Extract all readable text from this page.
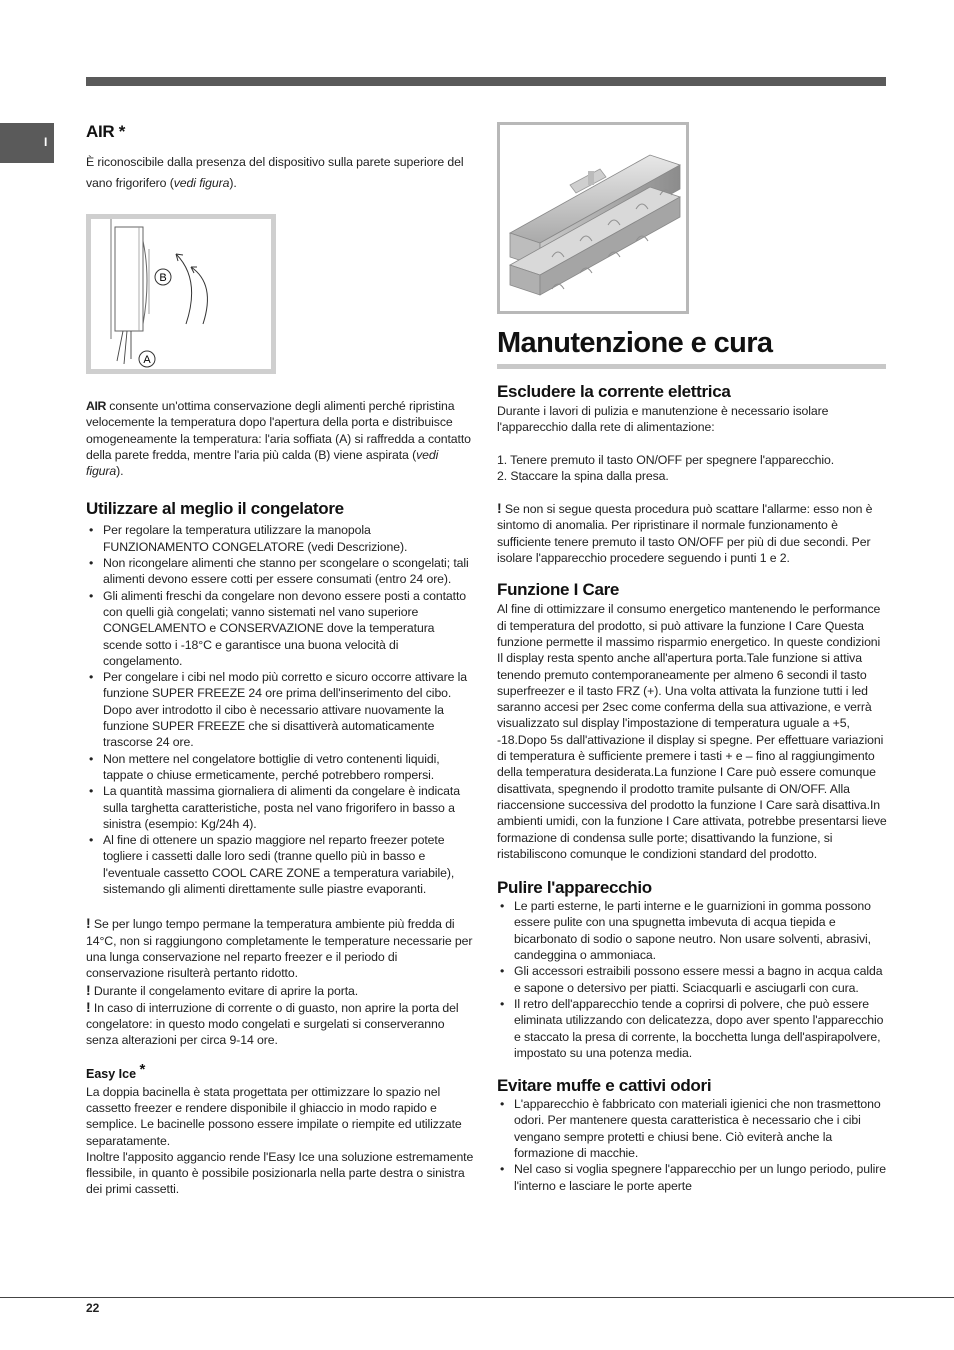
I
AIR *

È riconoscibile dalla presenza del dispositivo sulla parete superiore del vano frigorifero (vedi figura).

B
A

AIR consente un'ottima conservazione degli alimenti perché ripristina velocemente la temperatura dopo l'apertura della porta e distribuisce omogeneamente la temperatura: l'aria soffiata (A) si raffredda a contatto della parete fredda, mentre l'aria più calda (B) viene aspirata (vedi figura).

Utilizzare al meglio il congelatore
• Per regolare la temperatura utilizzare la manopola FUNZIONAMENTO CONGELATORE (vedi Descrizione).
• Non ricongelare alimenti che stanno per scongelare o scongelati; tali alimenti devono essere cotti per essere consumati (entro 24 ore).
• Gli alimenti freschi da congelare non devono essere posti a contatto con quelli già congelati; vanno sistemati nel vano superiore CONGELAMENTO e CONSERVAZIONE dove la temperatura scende sotto i -18°C e garantisce una buona velocità di congelamento.
• Per congelare i cibi nel modo più corretto e sicuro occorre attivare la funzione SUPER FREEZE 24 ore prima dell'inserimento del cibo. Dopo aver introdotto il cibo è necessario attivare nuovamente la funzione SUPER FREEZE che si disattiverà automaticamente trascorse 24 ore.
• Non mettere nel congelatore bottiglie di vetro contenenti liquidi, tappate o chiuse ermeticamente, perché potrebbero rompersi.
• La quantità massima giornaliera di alimenti da congelare è indicata sulla targhetta caratteristiche, posta nel vano frigorifero in basso a sinistra (esempio: Kg/24h 4).
• Al fine di ottenere un spazio maggiore nel reparto freezer potete togliere i cassetti dalle loro sedi (tranne quello più in basso e l'eventuale cassetto COOL CARE ZONE a temperatura variabile), sistemando gli alimenti direttamente sulle piastre evaporanti.

! Se per lungo tempo permane la temperatura ambiente più fredda di 14°C, non si raggiungono completamente le temperature necessarie per una lunga conservazione nel reparto freezer e il periodo di conservazione risulterà pertanto ridotto.

! Durante il congelamento evitare di aprire la porta.

! In caso di interruzione di corrente o di guasto, non aprire la porta del congelatore: in questo modo congelati e surgelati si conserveranno senza alterazioni per circa 9-14 ore.

Easy Ice *

La doppia bacinella è stata progettata per ottimizzare lo spazio nel cassetto freezer e rendere disponibile il ghiaccio in modo rapido e semplice. Le bacinelle possono essere impilate o riempite ed utilizzate separatamente.

Inoltre l'apposito aggancio rende l'Easy Ice una soluzione estremamente flessibile, in quanto è possibile posizionarla nella parte destra o sinistra dei primi cassetti.

Manutenzione e cura
Escludere la corrente elettrica

Durante i lavori di pulizia e manutenzione è necessario isolare l'apparecchio dalla rete di alimentazione:

1. Tenere premuto il tasto ON/OFF per spegnere l'apparecchio.
2. Staccare la spina dalla presa.

! Se non si segue questa procedura può scattare l'allarme: esso non è sintomo di anomalia. Per ripristinare il normale funzionamento è sufficiente tenere premuto il tasto ON/OFF per più di due secondi. Per isolare l'apparecchio procedere seguendo i punti 1 e 2.

Funzione I Care

Al fine di ottimizzare il consumo energetico mantenendo le performance di temperatura del prodotto, si può attivare la funzione I Care Questa funzione permette il massimo risparmio energetico. In queste condizioni Il display resta spento anche all'apertura porta.Tale funzione si attiva tenendo premuto contemporaneamente per almeno 6 secondi il tasto superfreezer e il tasto FRZ (+). Una volta attivata la funzione tutti i led saranno accesi per 2sec come conferma della sua attivazione, e verrà visualizzato sul display l'impostazione di temperatura uguale a +5, -18.Dopo 5s dall'attivazione il display si spegne. Per effettuare variazioni di temperatura è sufficiente premere i tasti + e – fino al raggiungimento della temperatura desiderata.La funzione I Care può essere comunque disattivata, spegnendo il prodotto tramite pulsante di ON/OFF. Alla riaccensione successiva del prodotto la funzione I Care sarà disattiva.In ambienti umidi, con la funzione I Care attivata, potrebbe presentarsi lieve formazione di condensa sulle porte; disattivando la funzione, si ristabiliscono comunque le condizioni standard del prodotto.

Pulire l'apparecchio
• Le parti esterne, le parti interne e le guarnizioni in gomma possono essere pulite con una spugnetta imbevuta di acqua tiepida e bicarbonato di sodio o sapone neutro. Non usare solventi, abrasivi, candeggina o ammoniaca.
• Gli accessori estraibili possono essere messi a bagno in acqua calda e sapone o detersivo per piatti. Sciacquarli e asciugarli con cura.
• Il retro dell'apparecchio tende a coprirsi di polvere, che può essere eliminata utilizzando con delicatezza, dopo aver spento l'apparecchio e staccato la presa di corrente, la bocchetta lunga dell'aspirapolvere, impostato su una potenza media.
Evitare muffe e cattivi odori
• L'apparecchio è fabbricato con materiali igienici che non trasmettono odori. Per mantenere questa caratteristica è necessario che i cibi vengano sempre protetti e chiusi bene. Ciò eviterà anche la formazione di macchie.
• Nel caso si voglia spegnere l'apparecchio per un lungo periodo, pulire l'interno e lasciare le porte aperte
22
